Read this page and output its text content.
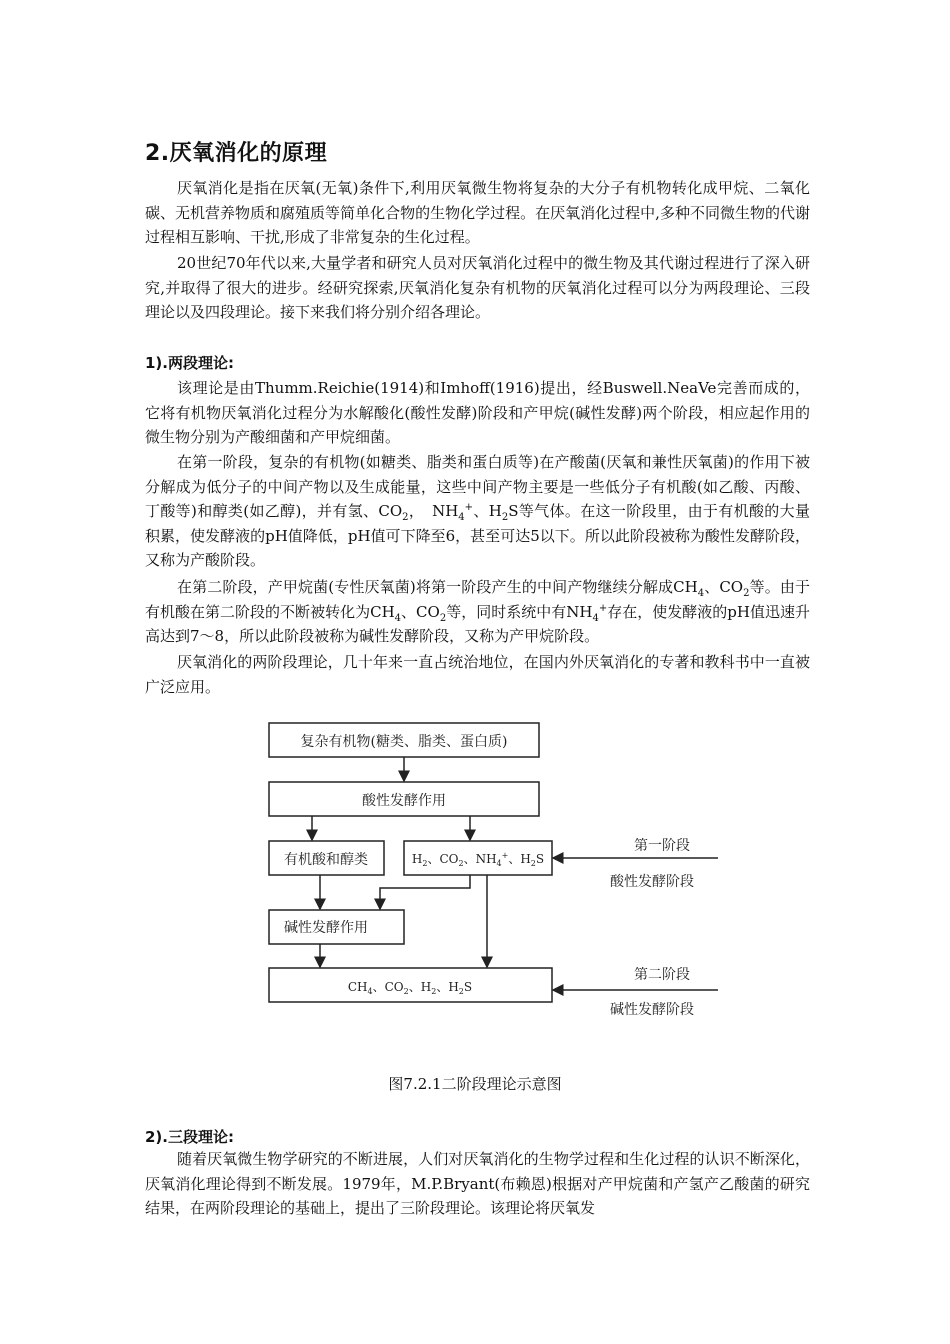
2.厌氧消化的原理

厌氧消化是指在厌氧(无氧)条件下,利用厌氧微生物将复杂的大分子有机物转化成甲烷、二氧化碳、无机营养物质和腐殖质等简单化合物的生物化学过程。在厌氧消化过程中,多种不同微生物的代谢过程相互影响、干扰,形成了非常复杂的生化过程。

20世纪70年代以来,大量学者和研究人员对厌氧消化过程中的微生物及其代谢过程进行了深入研究,并取得了很大的进步。经研究探索,厌氧消化复杂有机物的厌氧消化过程可以分为两段理论、三段理论以及四段理论。接下来我们将分别介绍各理论。

1).两段理论:

该理论是由Thumm.Reichie(1914)和Imhoff(1916)提出，经Buswell.NeaVe完善而成的，它将有机物厌氧消化过程分为水解酸化(酸性发酵)阶段和产甲烷(碱性发酵)两个阶段，相应起作用的微生物分别为产酸细菌和产甲烷细菌。

在第一阶段，复杂的有机物(如糖类、脂类和蛋白质等)在产酸菌(厌氧和兼性厌氧菌)的作用下被分解成为低分子的中间产物以及生成能量，这些中间产物主要是一些低分子有机酸(如乙酸、丙酸、丁酸等)和醇类(如乙醇)，并有氢、$CO_2$，　$NH_4^+$、$H_2S$等气体。在这一阶段里，由于有机酸的大量积累，使发酵液的pH值降低，pH值可下降至6，甚至可达5以下。所以此阶段被称为酸性发酵阶段，又称为产酸阶段。

在第二阶段，产甲烷菌(专性厌氧菌)将第一阶段产生的中间产物继续分解成$CH_4$、$CO_2$等。由于有机酸在第二阶段的不断被转化为$CH_4$、$CO_2$等，同时系统中有$NH_4^+$存在，使发酵液的pH值迅速升高达到7～8，所以此阶段被称为碱性发酵阶段，又称为产甲烷阶段。

厌氧消化的两阶段理论，几十年来一直占统治地位，在国内外厌氧消化的专著和教科书中一直被广泛应用。

复杂有机物(糖类、脂类、蛋白质)
酸性发酵作用
有机酸和醇类	$H_2$、$CO_2$、$NH_4^+$、$H_2S$
碱性发酵作用
$CH_4$、$CO_2$、$H_2$、$H_2S$
第一阶段
酸性发酵阶段
第二阶段
碱性发酵阶段
图7.2.1二阶段理论示意图

2).三段理论:

随着厌氧微生物学研究的不断进展，人们对厌氧消化的生物学过程和生化过程的认识不断深化，厌氧消化理论得到不断发展。1979年，M.P.Bryant(布赖恩)根据对产甲烷菌和产氢产乙酸菌的研究结果，在两阶段理论的基础上，提出了三阶段理论。该理论将厌氧发
